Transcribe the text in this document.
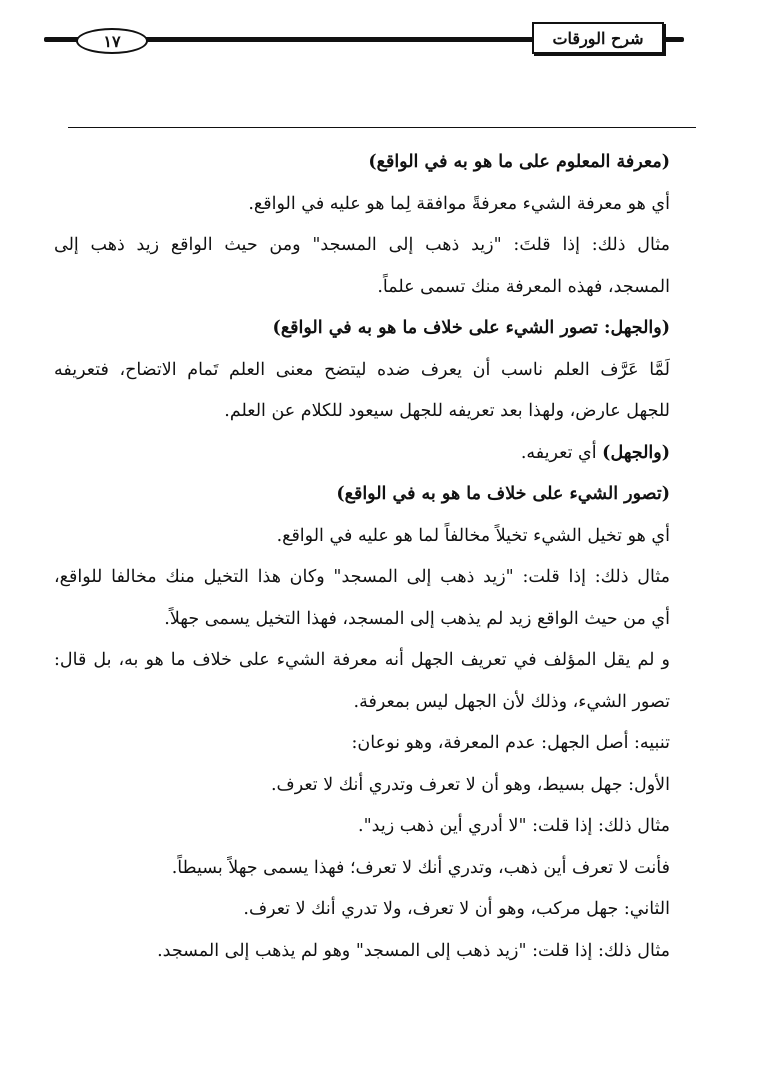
شرح الورقات
١٧
(معرفة المعلوم على ما هو به في الواقع)
أي هو معرفة الشيء معرفةً موافقة لِما هو عليه في الواقع.
مثال ذلك: إذا قلتَ: "زيد ذهب إلى المسجد" ومن حيث الواقع زيد ذهب إلى
المسجد، فهذه المعرفة منك تسمى علماً.
(والجهل: تصور الشيء على خلاف ما هو به في الواقع)
لَمَّا عَرَّف العلم ناسب أن يعرف ضده ليتضح معنى العلم تَمام الاتضاح، فتعريفه
للجهل عارض، ولهذا بعد تعريفه للجهل سيعود للكلام عن العلم.
(والجهل) أي تعريفه.
(تصور الشيء على خلاف ما هو به في الواقع)
أي هو تخيل الشيء تخيلاً مخالفاً لما هو عليه في الواقع.
مثال ذلك: إذا قلت: "زيد ذهب إلى المسجد" وكان هذا التخيل منك مخالفا للواقع،
أي من حيث الواقع زيد لم يذهب إلى المسجد، فهذا التخيل يسمى جهلاً.
و لم يقل المؤلف في تعريف الجهل أنه معرفة الشيء على خلاف ما هو به، بل قال:
تصور الشيء، وذلك لأن الجهل ليس بمعرفة.
تنبيه: أصل الجهل: عدم المعرفة، وهو نوعان:
الأول: جهل بسيط، وهو أن لا تعرف وتدري أنك لا تعرف.
مثال ذلك: إذا قلت: "لا أدري أين ذهب زيد".
فأنت لا تعرف أين ذهب، وتدري أنك لا تعرف؛ فهذا يسمى جهلاً بسيطاً.
الثاني: جهل مركب، وهو أن لا تعرف، ولا تدري أنك لا تعرف.
مثال ذلك: إذا قلت: "زيد ذهب إلى المسجد" وهو لم يذهب إلى المسجد.
